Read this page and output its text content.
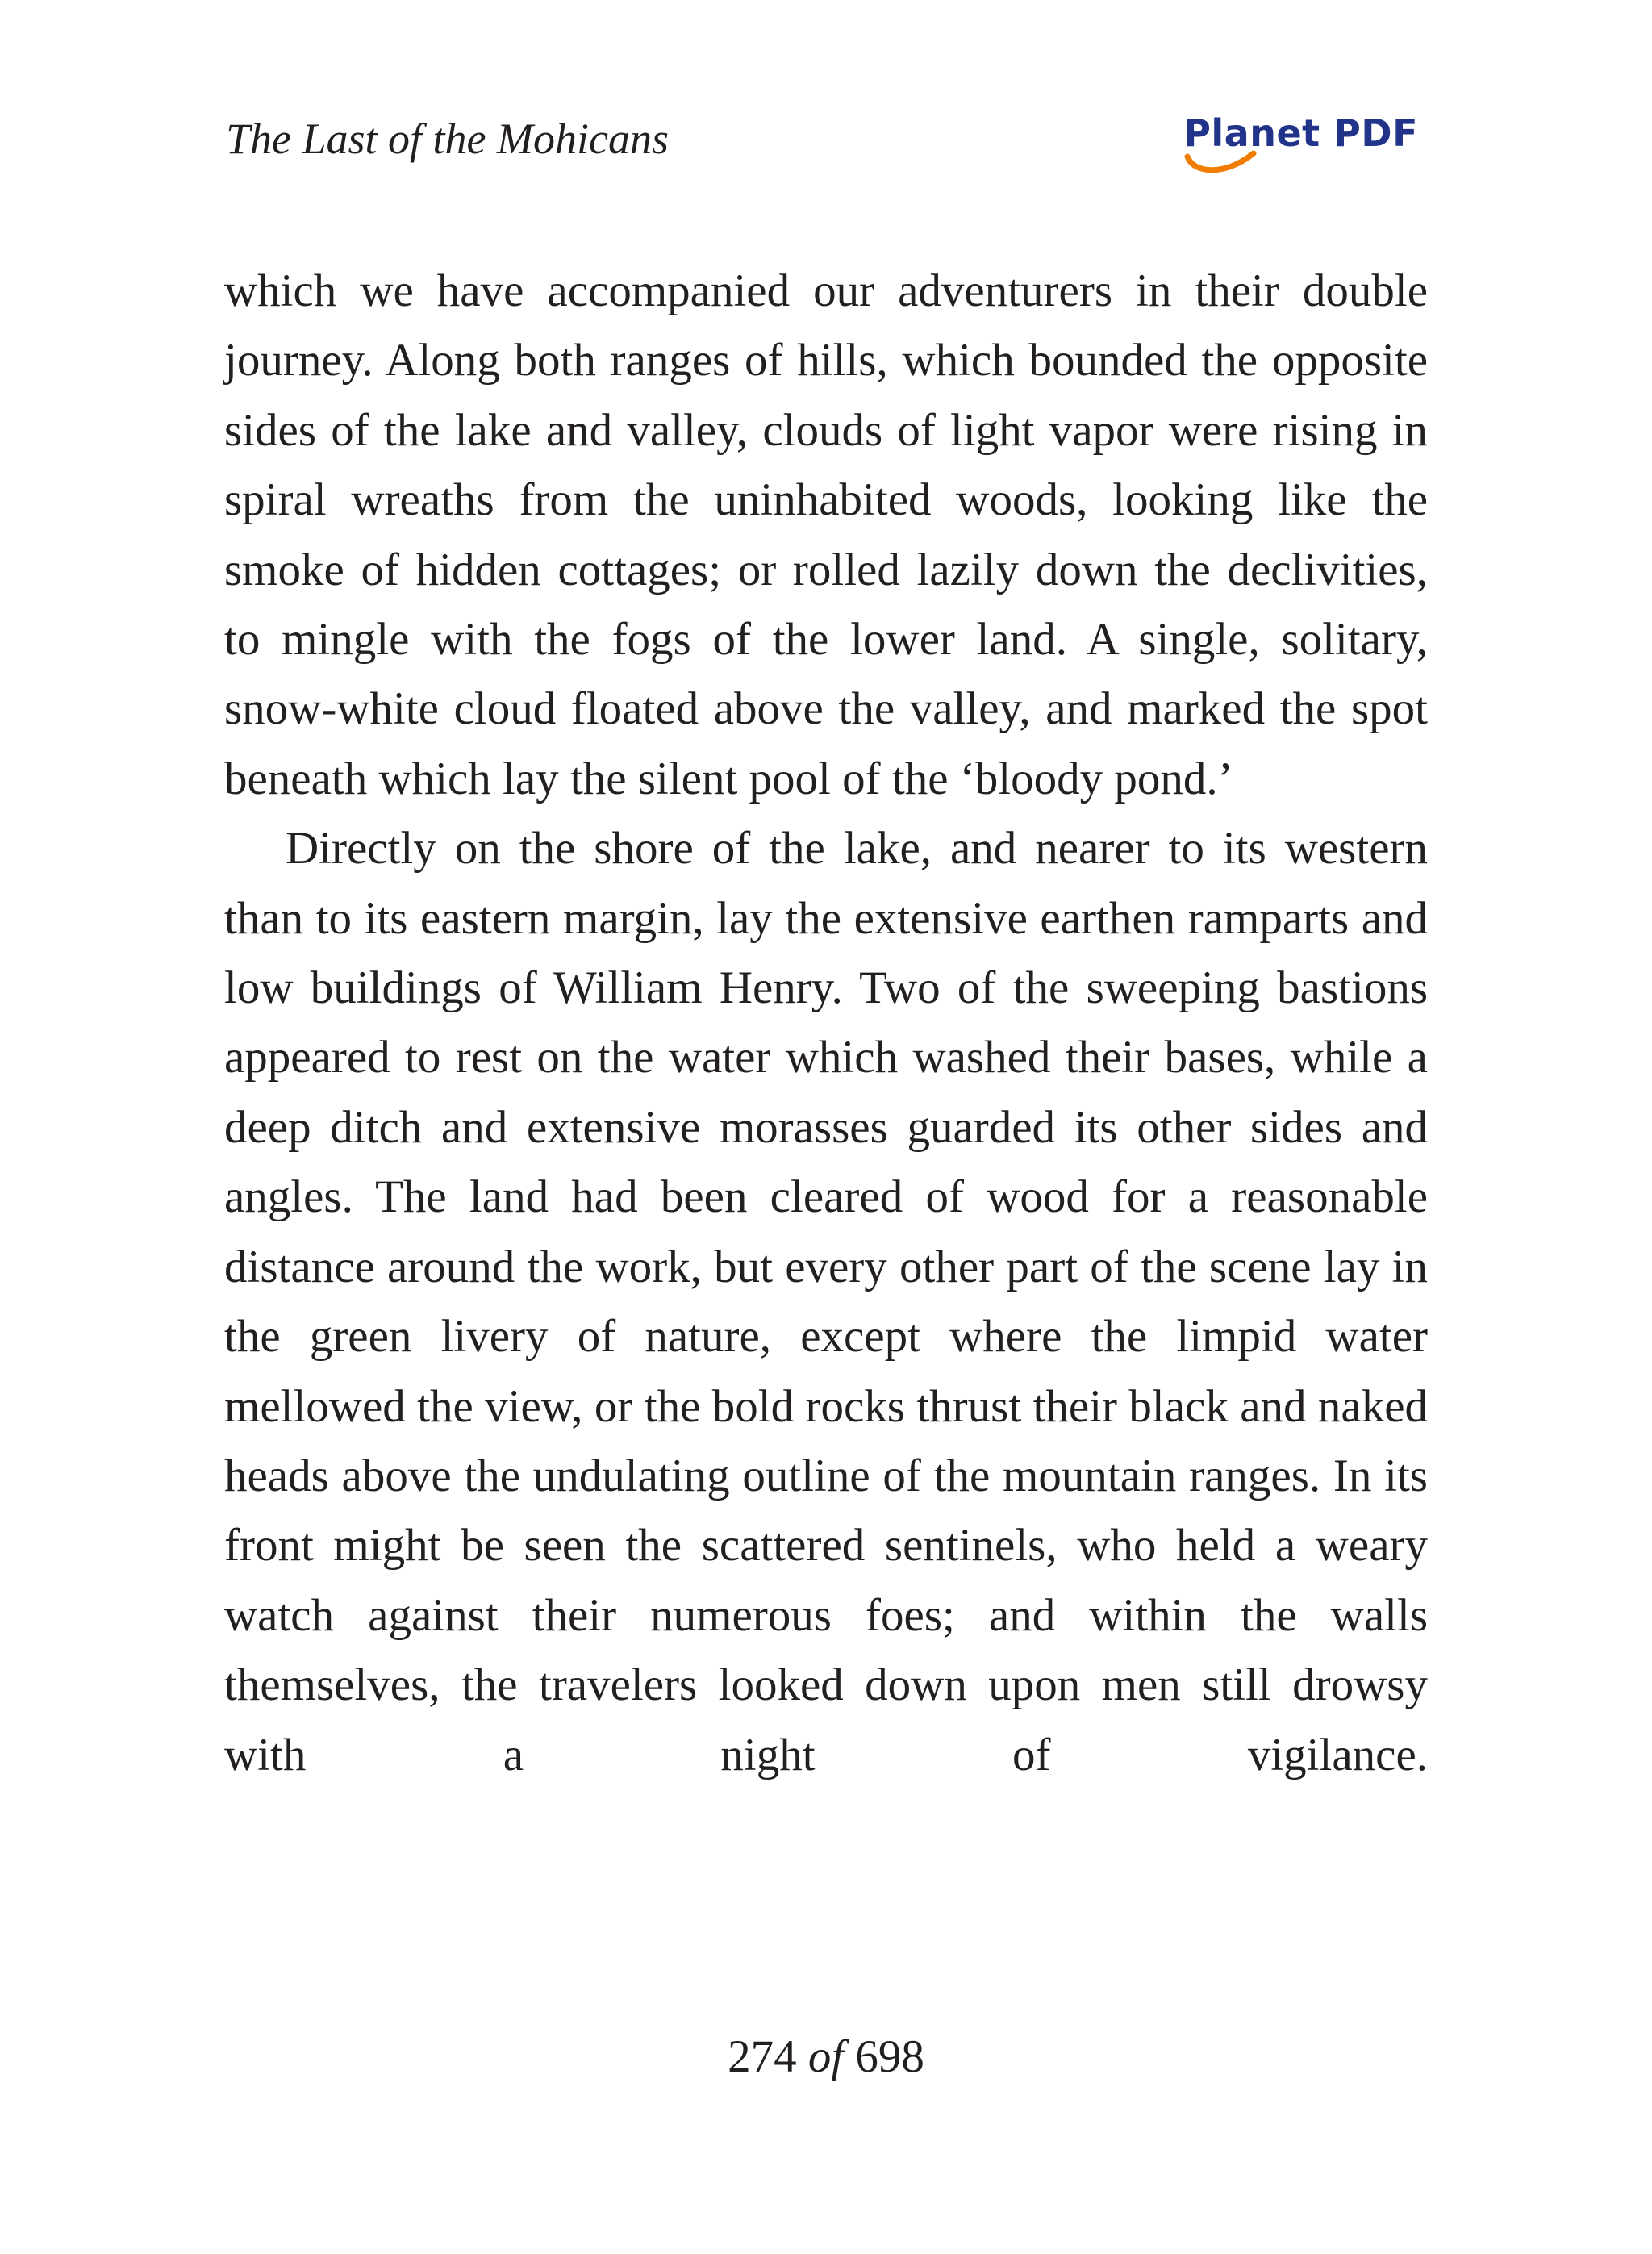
The Last of the Mohicans	Planet PDF

which we have accompanied our adventurers in their double journey. Along both ranges of hills, which bounded the opposite sides of the lake and valley, clouds of light vapor were rising in spiral wreaths from the uninhabited woods, looking like the smoke of hidden cottages; or rolled lazily down the declivities, to mingle with the fogs of the lower land. A single, solitary, snow-white cloud floated above the valley, and marked the spot beneath which lay the silent pool of the ‘bloody pond.’

Directly on the shore of the lake, and nearer to its western than to its eastern margin, lay the extensive earthen ramparts and low buildings of William Henry. Two of the sweeping bastions appeared to rest on the water which washed their bases, while a deep ditch and extensive morasses guarded its other sides and angles. The land had been cleared of wood for a reasonable distance around the work, but every other part of the scene lay in the green livery of nature, except where the limpid water mellowed the view, or the bold rocks thrust their black and naked heads above the undulating outline of the mountain ranges. In its front might be seen the scattered sentinels, who held a weary watch against their numerous foes; and within the walls themselves, the travelers looked down upon men still drowsy with a night of vigilance.

274 of 698
